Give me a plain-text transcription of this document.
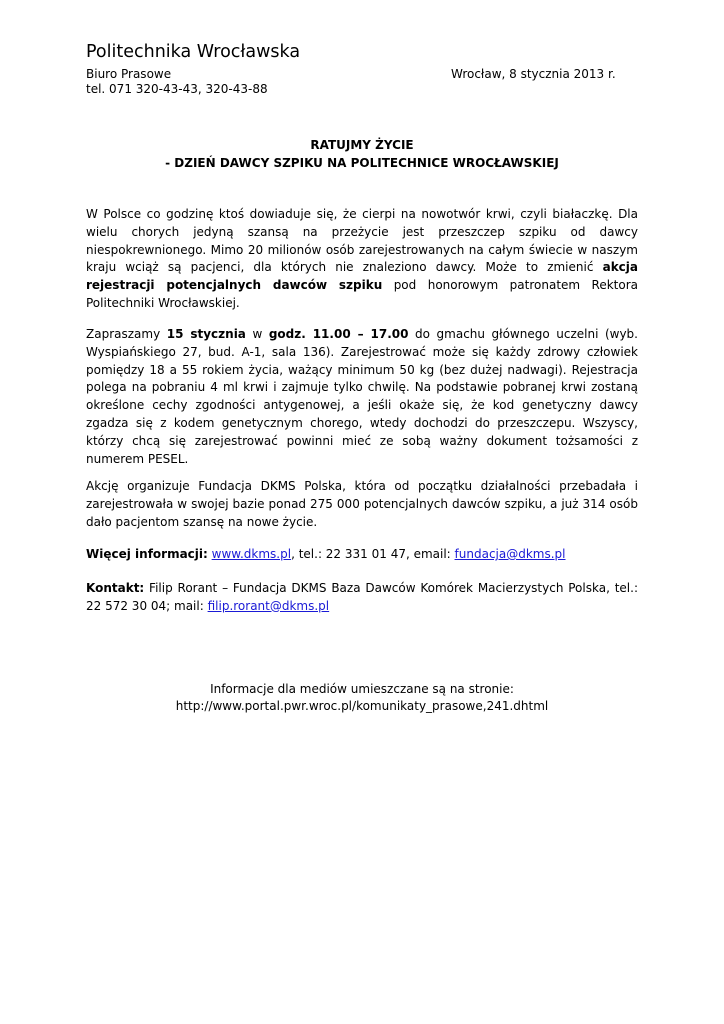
Politechnika Wrocławska
Biuro Prasowe	Wrocław, 8 stycznia 2013 r.
tel. 071 320-43-43, 320-43-88
RATUJMY ŻYCIE
- DZIEŃ DAWCY SZPIKU NA POLITECHNICE WROCŁAWSKIEJ
W Polsce co godzinę ktoś dowiaduje się, że cierpi na nowotwór krwi, czyli białaczkę. Dla wielu chorych jedyną szansą na przeżycie jest przeszczep szpiku od dawcy niespokrewnionego. Mimo 20 milionów osób zarejestrowanych na całym świecie w naszym kraju wciąż są pacjenci, dla których nie znaleziono dawcy. Może to zmienić akcja rejestracji potencjalnych dawców szpiku pod honorowym patronatem Rektora Politechniki Wrocławskiej.
Zapraszamy 15 stycznia w godz. 11.00 – 17.00 do gmachu głównego uczelni (wyb. Wyspiańskiego 27, bud. A-1, sala 136). Zarejestrować może się każdy zdrowy człowiek pomiędzy 18 a 55 rokiem życia, ważący minimum 50 kg (bez dużej nadwagi). Rejestracja polega na pobraniu 4 ml krwi i zajmuje tylko chwilę. Na podstawie pobranej krwi zostaną określone cechy zgodności antygenowej, a jeśli okaże się, że kod genetyczny dawcy zgadza się z kodem genetycznym chorego, wtedy dochodzi do przeszczepu. Wszyscy, którzy chcą się zarejestrować powinni mieć ze sobą ważny dokument tożsamości z numerem PESEL.
Akcję organizuje Fundacja DKMS Polska, która od początku działalności przebadała i zarejestrowała w swojej bazie ponad 275 000 potencjalnych dawców szpiku, a już 314 osób dało pacjentom szansę na nowe życie.
Więcej informacji: www.dkms.pl, tel.: 22 331 01 47, email: fundacja@dkms.pl
Kontakt: Filip Rorant – Fundacja DKMS Baza Dawców Komórek Macierzystych Polska, tel.: 22 572 30 04; mail: filip.rorant@dkms.pl
Informacje dla mediów umieszczane są na stronie:
http://www.portal.pwr.wroc.pl/komunikaty_prasowe,241.dhtml
